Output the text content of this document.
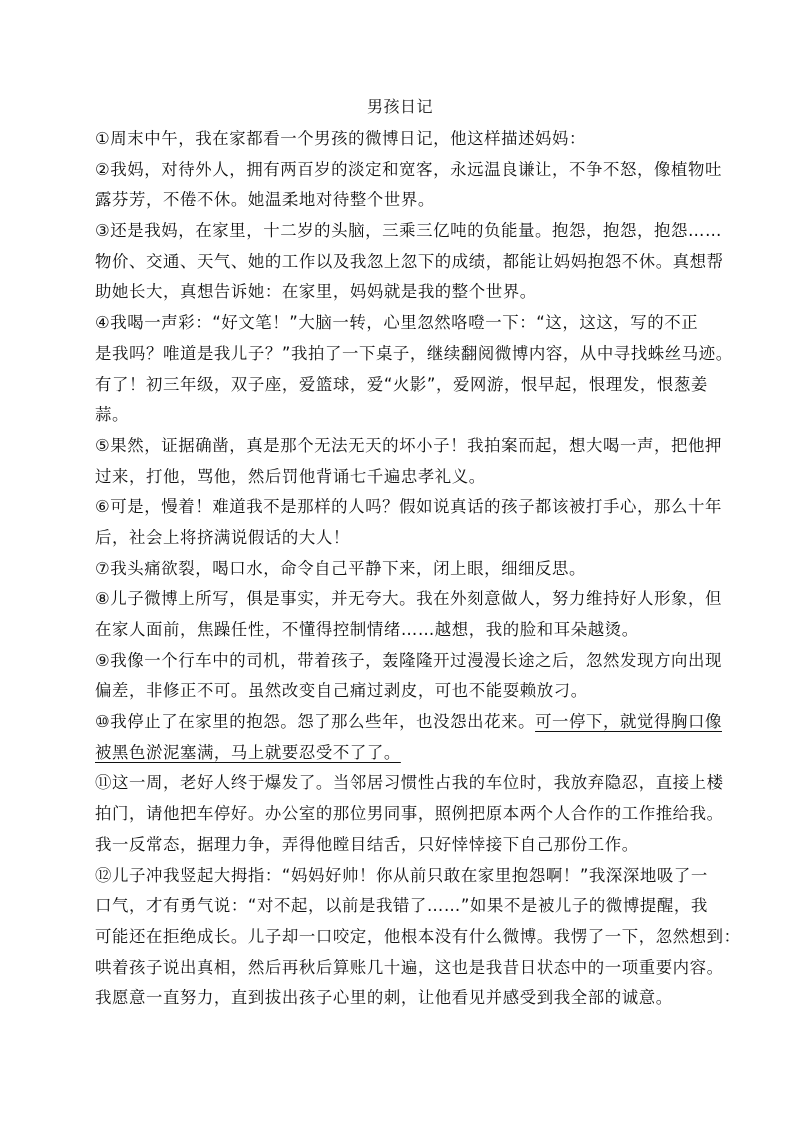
男孩日记
①周末中午，我在家都看一个男孩的微博日记，他这样描述妈妈：
②我妈，对待外人，拥有两百岁的淡定和宽客，永远温良谦让，不争不怒，像植物吐
露芬芳，不倦不休。她温柔地对待整个世界。
③还是我妈，在家里，十二岁的头脑，三乘三亿吨的负能量。抱怨，抱怨，抱怨……
物价、交通、天气、她的工作以及我忽上忽下的成绩，都能让妈妈抱怨不休。真想帮
助她长大，真想告诉她：在家里，妈妈就是我的整个世界。
④我喝一声彩：“好文笔！”大脑一转，心里忽然咯噔一下：“这，这这，写的不正
是我吗？唯道是我儿子？”我拍了一下桌子，继续翻阅微博内容，从中寻找蛛丝马迹。
有了！初三年级，双子座，爱篮球，爱“火影”，爱网游，恨早起，恨理发，恨葱姜
蒜。
⑤果然，证据确凿，真是那个无法无天的坏小子！我拍案而起，想大喝一声，把他押
过来，打他，骂他，然后罚他背诵七千遍忠孝礼义。
⑥可是，慢着！难道我不是那样的人吗？假如说真话的孩子都该被打手心，那么十年
后，社会上将挤满说假话的大人！
⑦我头痛欲裂，喝口水，命令自己平静下来，闭上眼，细细反思。
⑧儿子微博上所写，俱是事实，并无夸大。我在外刻意做人，努力维持好人形象，但
在家人面前，焦躁任性，不懂得控制情绪……越想，我的脸和耳朵越烫。
⑨我像一个行车中的司机，带着孩子，轰隆隆开过漫漫长途之后，忽然发现方向出现
偏差，非修正不可。虽然改变自己痛过剥皮，可也不能耍赖放刁。
⑩我停止了在家里的抱怨。怨了那么些年，也没怨出花来。可一停下，就觉得胸口像
被黑色淤泥塞满，马上就要忍受不了了。
⑪这一周，老好人终于爆发了。当邻居习惯性占我的车位时，我放弃隐忍，直接上楼
拍门，请他把车停好。办公室的那位男同事，照例把原本两个人合作的工作推给我。
我一反常态，据理力争，弄得他瞠目结舌，只好悻悻接下自己那份工作。
⑫儿子冲我竖起大拇指：“妈妈好帅！你从前只敢在家里抱怨啊！”我深深地吸了一
口气，才有勇气说：“对不起，以前是我错了……”如果不是被儿子的微博提醒，我
可能还在拒绝成长。儿子却一口咬定，他根本没有什么微博。我愣了一下，忽然想到：
哄着孩子说出真相，然后再秋后算账几十遍，这也是我昔日状态中的一项重要内容。
我愿意一直努力，直到拔出孩子心里的刺，让他看见并感受到我全部的诚意。
